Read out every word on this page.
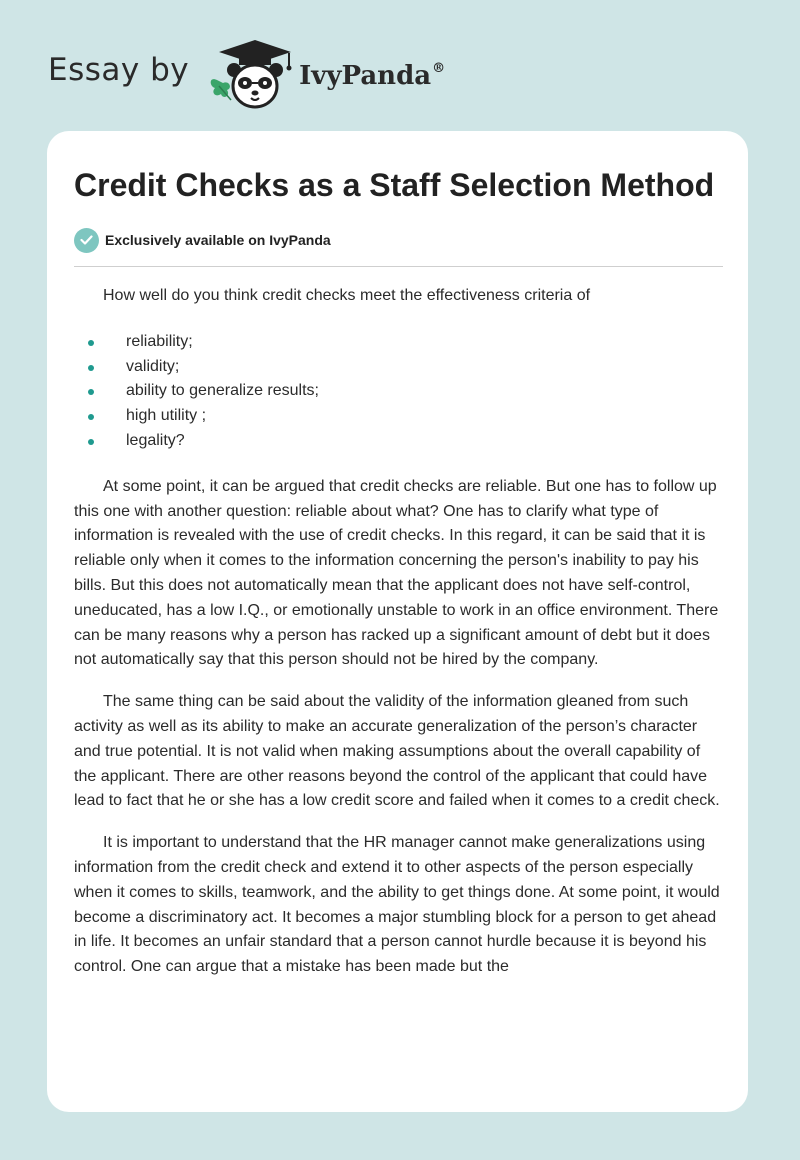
Essay by	IvyPanda®
Credit Checks as a Staff Selection Method
Exclusively available on IvyPanda

How well do you think credit checks meet the effectiveness criteria of

reliability;
validity;
ability to generalize results;
high utility ;
legality?

At some point, it can be argued that credit checks are reliable. But one has to follow up this one with another question: reliable about what? One has to clarify what type of information is revealed with the use of credit checks. In this regard, it can be said that it is reliable only when it comes to the information concerning the person's inability to pay his bills. But this does not automatically mean that the applicant does not have self-control, uneducated, has a low I.Q., or emotionally unstable to work in an office environment. There can be many reasons why a person has racked up a significant amount of debt but it does not automatically say that this person should not be hired by the company.

The same thing can be said about the validity of the information gleaned from such activity as well as its ability to make an accurate generalization of the person’s character and true potential. It is not valid when making assumptions about the overall capability of the applicant. There are other reasons beyond the control of the applicant that could have lead to fact that he or she has a low credit score and failed when it comes to a credit check.

It is important to understand that the HR manager cannot make generalizations using information from the credit check and extend it to other aspects of the person especially when it comes to skills, teamwork, and the ability to get things done. At some point, it would become a discriminatory act. It becomes a major stumbling block for a person to get ahead in life. It becomes an unfair standard that a person cannot hurdle because it is beyond his control. One can argue that a mistake has been made but the
